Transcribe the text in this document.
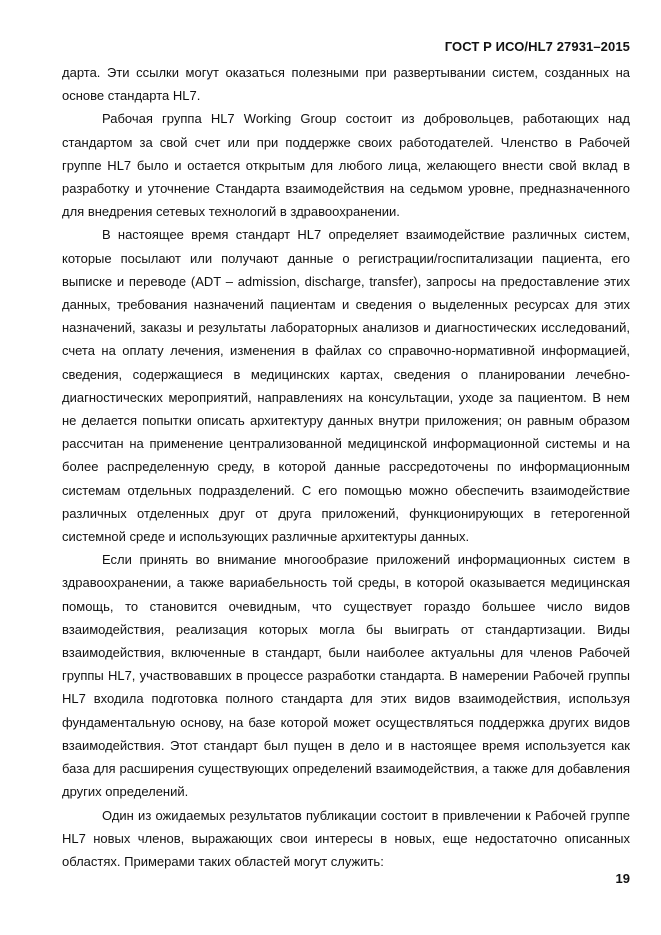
ГОСТ Р ИСО/HL7 27931–2015

дарта. Эти ссылки могут оказаться полезными при развертывании систем, созданных на основе стандарта HL7.

Рабочая группа HL7 Working Group состоит из добровольцев, работающих над стандартом за свой счет или при поддержке своих работодателей. Членство в Рабочей группе HL7 было и остается открытым для любого лица, желающего внести свой вклад в разработку и уточнение Стандарта взаимодействия на седьмом уровне, предназначенного для внедрения сетевых технологий в здравоохранении.

В настоящее время стандарт HL7 определяет взаимодействие различных систем, которые посылают или получают данные о регистрации/госпитализации пациента, его выписке и переводе (ADT – admission, discharge, transfer), запросы на предоставление этих данных, требования назначений пациентам и сведения о выделенных ресурсах для этих назначений, заказы и результаты лабораторных анализов и диагностических исследований, счета на оплату лечения, изменения в файлах со справочно-нормативной информацией, сведения, содержащиеся в медицинских картах, сведения о планировании лечебно-диагностических мероприятий, направлениях на консультации, уходе за пациентом. В нем не делается попытки описать архитектуру данных внутри приложения; он равным образом рассчитан на применение централизованной медицинской информационной системы и на более распределенную среду, в которой данные рассредоточены по информационным системам отдельных подразделений. С его помощью можно обеспечить взаимодействие различных отделенных друг от друга приложений, функционирующих в гетерогенной системной среде и использующих различные архитектуры данных.

Если принять во внимание многообразие приложений информационных систем в здравоохранении, а также вариабельность той среды, в которой оказывается медицинская помощь, то становится очевидным, что существует гораздо большее число видов взаимодействия, реализация которых могла бы выиграть от стандартизации. Виды взаимодействия, включенные в стандарт, были наиболее актуальны для членов Рабочей группы HL7, участвовавших в процессе разработки стандарта. В намерении Рабочей группы HL7 входила подготовка полного стандарта для этих видов взаимодействия, используя фундаментальную основу, на базе которой может осуществляться поддержка других видов взаимодействия. Этот стандарт был пущен в дело и в настоящее время используется как база для расширения существующих определений взаимодействия, а также для добавления других определений.

Один из ожидаемых результатов публикации состоит в привлечении к Рабочей группе HL7 новых членов, выражающих свои интересы в новых, еще недостаточно описанных областях. Примерами таких областей могут служить:

19
